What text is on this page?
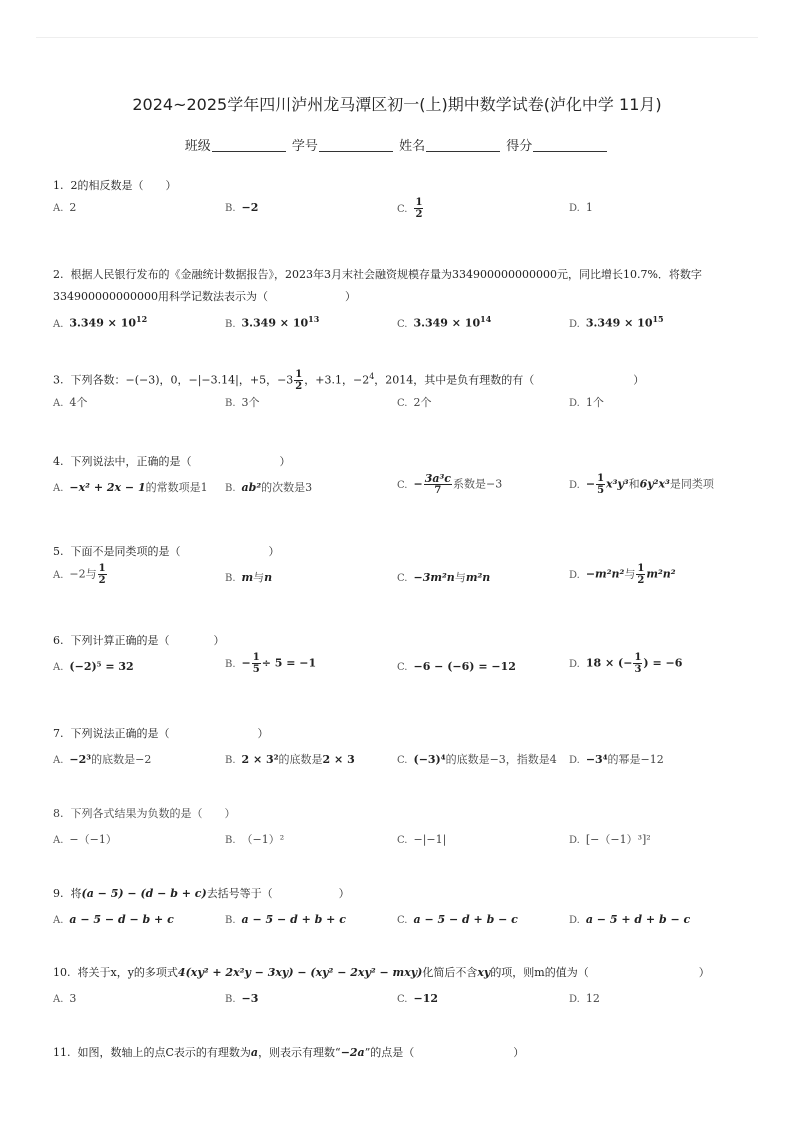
2024~2025学年四川泸州龙马潭区初一(上)期中数学试卷(泸化中学 11月)
班级	学号	姓名	得分
1. 2的相反数是（　　）
A. 2	B. −2	C. $\frac{1}{2}$	D. 1
2. 根据人民银行发布的《金融统计数据报告》，2023年3月末社会融资规模存量为334900000000000元，同比增长10.7%．将数字334900000000000用科学记数法表示为（　　　　　　　）
A. $3.349 \times 10^{12}$	B. $3.349 \times 10^{13}$	C. $3.349 \times 10^{14}$	D. $3.349 \times 10^{15}$
3. 下列各数：−(−3)，0，−|−3.14|，+5，$-3 \frac{1}{2}$ ，+3.1，$-2^4$，2014，其中是负有理数的有（　　　　　　　　　）
A. 4个	B. 3个	C. 2个	D. 1个
4. 下列说法中，正确的是（　　　　　　　　）
A. −x² + 2x − 1的常数项是1 B. ab²的次数是3	C. − $\frac{\text{3a³c}}{7}$ 系数是−3	D. − $\frac{1}{5} x^3y^3$和6y²x³是同类项
5. 下面不是同类项的是（　　　　　　　　）
A. −2与 $\frac{1}{2}$	B. m与n	C. −3m²n与m²n	D. −m²n²与 $\frac{1}{2} m^2n^2$
6. 下列计算正确的是（　　　　）
A. (−2)⁵ = 32	B. − $\frac{1}{5} \div 5 = -1$	C. −6 − (−6) = −12	D. 18 × (− $\frac{1}{3}$ ) = −6
7. 下列说法正确的是（　　　　　　　　）
A. −2³的底数是−2	B. 2 × 3²的底数是2 × 3	C. (−3)⁴的底数是−3，指数是4 D. −3⁴的幂是−12
8. 下列各式结果为负数的是（　　）
A. −（−1）	B. （−1）²	C. −|−1|	D. [−（−1）³]²
9. 将(a − 5) − (d − b + c)去括号等于（　　　　　　）
A. a − 5 − d − b + c	B. a − 5 − d + b + c	C. a − 5 − d + b − c	D. a − 5 + d + b − c
10. 将关于x，y的多项式4(xy² + 2x²y − 3xy) − (xy² − 2xy² − mxy)化简后不含xy的项，则m的值为（　　　　　　　　　　）
A. 3	B. −3	C. −12	D. 12
11. 如图，数轴上的点C表示的有理数为a，则表示有理数“−2a”的点是（　　　　　　　　　）
